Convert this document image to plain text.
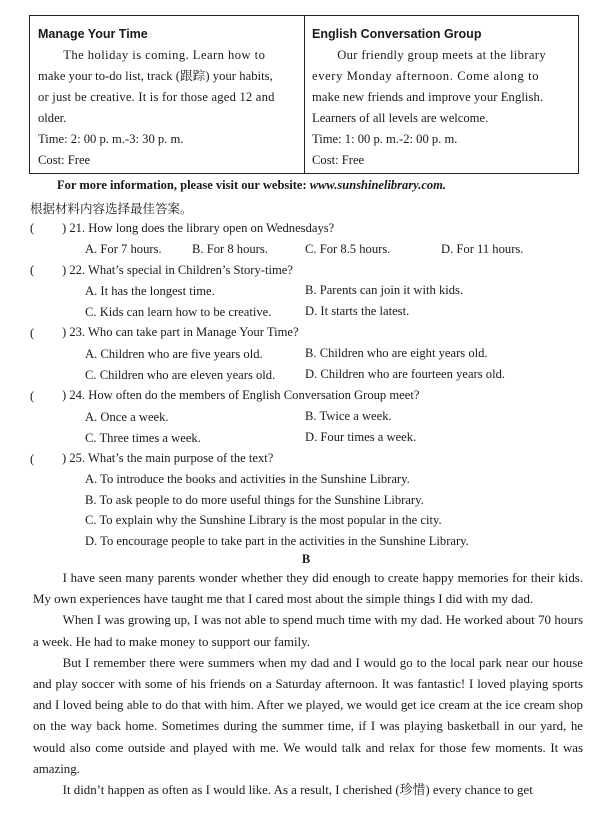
Manage Your Time
The holiday is coming. Learn how to

make your to-do list, track (跟踪) your habits,
or just be creative. It is for those aged 12 and
older.
Time: 2: 00 p. m.-3: 30 p. m.
Cost: Free
English Conversation Group
Our friendly group meets at the library

every Monday afternoon. Come along to
make new friends and improve your English.
Learners of all levels are welcome.
Time: 1: 00 p. m.-2: 00 p. m.
Cost: Free
For more information, please visit our website: www.sunshinelibrary.com.
根据材料内容选择最佳答案。
( ) 21. How long does the library open on Wednesdays?
A. For 7 hours. B. For 8 hours.	C. For 8.5 hours.	D. For 11 hours.
( ) 22. What’s special in Children’s Story-time?
A. It has the longest time.	B. Parents can join it with kids.
C. Kids can learn how to be creative.	D. It starts the latest.
( ) 23. Who can take part in Manage Your Time?
A. Children who are five years old.	B. Children who are eight years old.
C. Children who are eleven years old. D. Children who are fourteen years old.
( ) 24. How often do the members of English Conversation Group meet?
A. Once a week.	B. Twice a week.
C. Three times a week.	D. Four times a week.
( ) 25. What’s the main purpose of the text?
A. To introduce the books and activities in the Sunshine Library.
B. To ask people to do more useful things for the Sunshine Library.
C. To explain why the Sunshine Library is the most popular in the city.
D. To encourage people to take part in the activities in the Sunshine Library.
B

I have seen many parents wonder whether they did enough to create happy memories for their kids. My own experiences have taught me that I cared most about the simple things I did with my dad.

When I was growing up, I was not able to spend much time with my dad. He worked about 70 hours a week. He had to make money to support our family.

But I remember there were summers when my dad and I would go to the local park near our house and play soccer with some of his friends on a Saturday afternoon. It was fantastic! I loved playing sports and I loved being able to do that with him. After we played, we would get ice cream at the ice cream shop on the way back home. Sometimes during the summer time, if I was playing basketball in our yard, he would also come outside and played with me. We would talk and relax for those few moments. It was amazing.

It didn’t happen as often as I would like. As a result, I cherished (珍惜) every chance to get
